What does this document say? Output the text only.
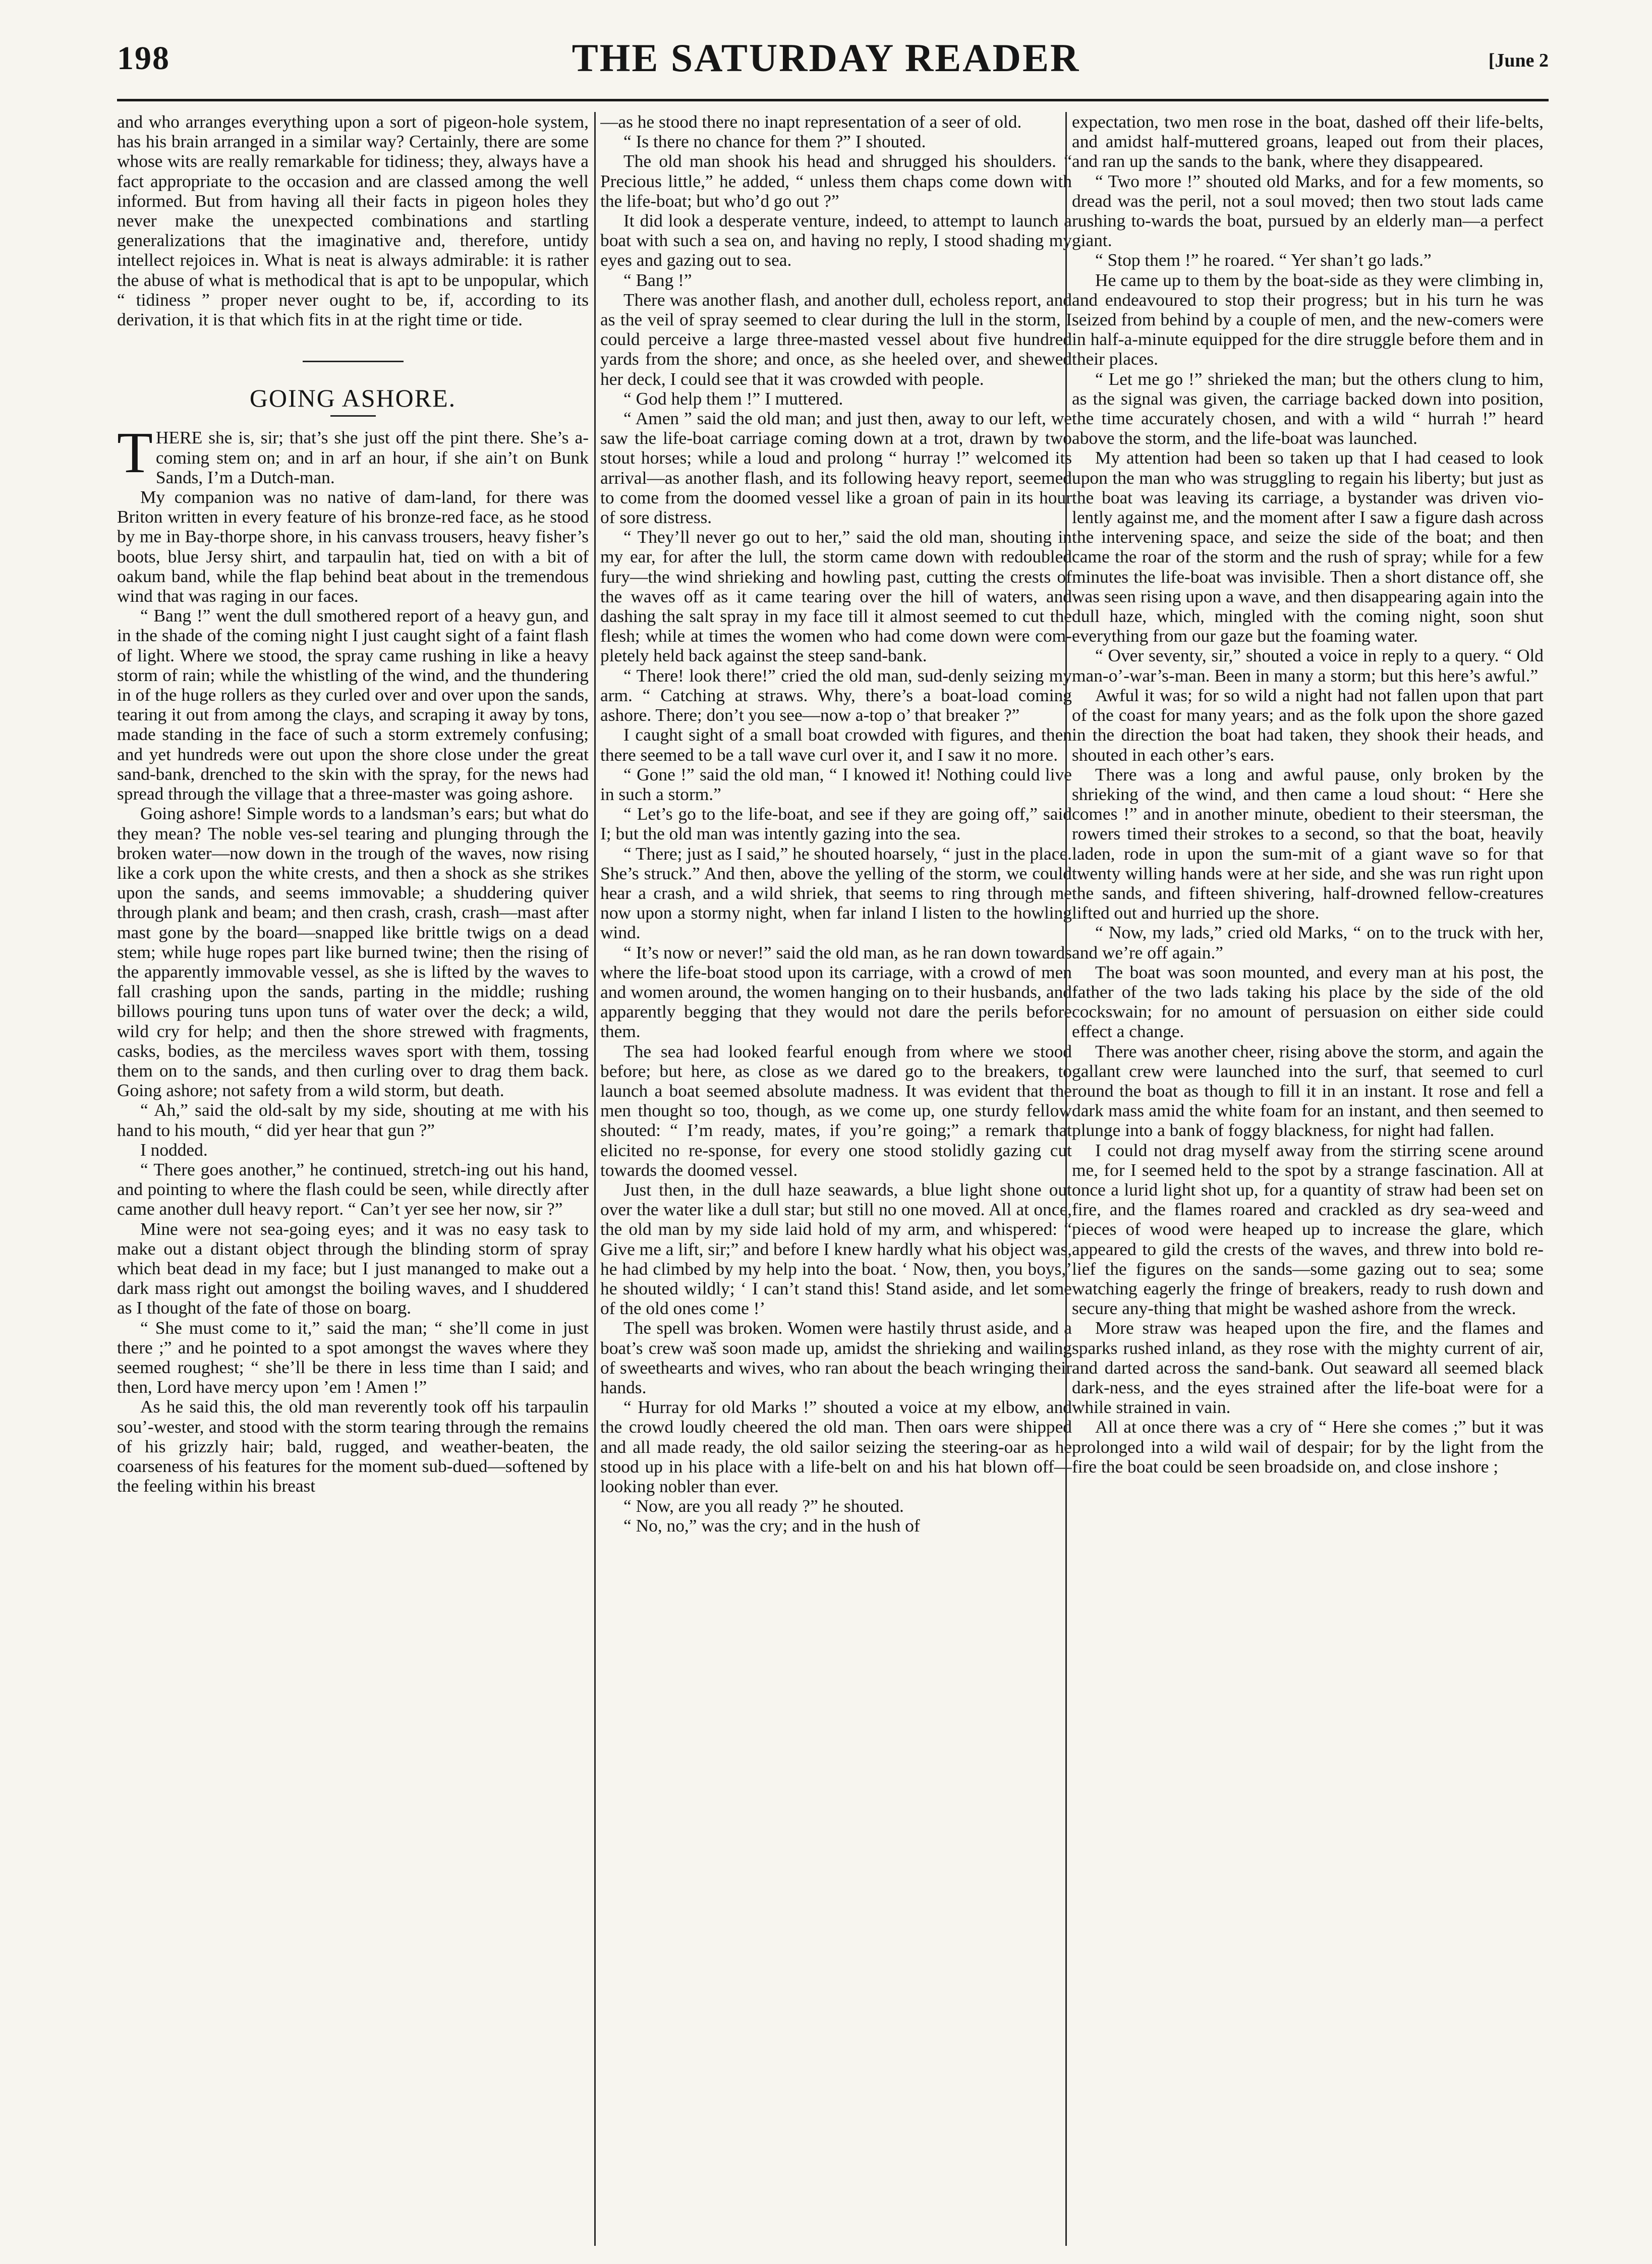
198	THE SATURDAY READER	[June 2

and who arranges everything upon a sort of pigeon-hole system, has his brain arranged in a similar way? Certainly, there are some whose wits are really remarkable for tidiness; they, always have a fact appropriate to the occasion and are classed among the well informed. But from having all their facts in pigeon holes they never make the unexpected combinations and startling generalizations that the imaginative and, therefore, untidy intellect rejoices in. What is neat is always admirable: it is rather the abuse of what is methodical that is apt to be unpopular, which “ tidiness ” proper never ought to be, if, according to its derivation, it is that which fits in at the right time or tide.

GOING ASHORE.

THERE she is, sir; that’s she just off the pint there. She’s a-coming stem on; and in arf an hour, if she ain’t on Bunk Sands, I’m a Dutch-man.

My companion was no native of dam-land, for there was Briton written in every feature of his bronze-red face, as he stood by me in Bay-thorpe shore, in his canvass trousers, heavy fisher’s boots, blue Jersy shirt, and tarpaulin hat, tied on with a bit of oakum band, while the flap behind beat about in the tremendous wind that was raging in our faces.

“ Bang !” went the dull smothered report of a heavy gun, and in the shade of the coming night I just caught sight of a faint flash of light. Where we stood, the spray came rushing in like a heavy storm of rain; while the whistling of the wind, and the thundering in of the huge rollers as they curled over and over upon the sands, tearing it out from among the clays, and scraping it away by tons, made standing in the face of such a storm extremely confusing; and yet hundreds were out upon the shore close under the great sand-bank, drenched to the skin with the spray, for the news had spread through the village that a three-master was going ashore.

Going ashore! Simple words to a landsman’s ears; but what do they mean? The noble ves-sel tearing and plunging through the broken water—now down in the trough of the waves, now rising like a cork upon the white crests, and then a shock as she strikes upon the sands, and seems immovable; a shuddering quiver through plank and beam; and then crash, crash, crash—mast after mast gone by the board—snapped like brittle twigs on a dead stem; while huge ropes part like burned twine; then the rising of the apparently immovable vessel, as she is lifted by the waves to fall crashing upon the sands, parting in the middle; rushing billows pouring tuns upon tuns of water over the deck; a wild, wild cry for help; and then the shore strewed with fragments, casks, bodies, as the merciless waves sport with them, tossing them on to the sands, and then curling over to drag them back. Going ashore; not safety from a wild storm, but death.

“ Ah,” said the old-salt by my side, shouting at me with his hand to his mouth, “ did yer hear that gun ?”

I nodded.

“ There goes another,” he continued, stretch-ing out his hand, and pointing to where the flash could be seen, while directly after came another dull heavy report. “ Can’t yer see her now, sir ?”

Mine were not sea-going eyes; and it was no easy task to make out a distant object through the blinding storm of spray which beat dead in my face; but I just mananged to make out a dark mass right out amongst the boiling waves, and I shuddered as I thought of the fate of those on boarg.

“ She must come to it,” said the man; “ she’ll come in just there ;” and he pointed to a spot amongst the waves where they seemed roughest; “ she’ll be there in less time than I said; and then, Lord have mercy upon ’em ! Amen !”

As he said this, the old man reverently took off his tarpaulin sou’-wester, and stood with the storm tearing through the remains of his grizzly hair; bald, rugged, and weather-beaten, the coarseness of his features for the moment sub-dued—softened by the feeling within his breast

—as he stood there no inapt representation of a seer of old.

“ Is there no chance for them ?” I shouted.

The old man shook his head and shrugged his shoulders. “ Precious little,” he added, “ unless them chaps come down with the life-boat; but who’d go out ?”

It did look a desperate venture, indeed, to attempt to launch a boat with such a sea on, and having no reply, I stood shading my eyes and gazing out to sea.

“ Bang !”

There was another flash, and another dull, echoless report, and as the veil of spray seemed to clear during the lull in the storm, I could perceive a large three-masted vessel about five hundred yards from the shore; and once, as she heeled over, and shewed her deck, I could see that it was crowded with people.

“ God help them !” I muttered.

“ Amen ” said the old man; and just then, away to our left, we saw the life-boat carriage coming down at a trot, drawn by two stout horses; while a loud and prolong “ hurray !” welcomed its arrival—as another flash, and its following heavy report, seemed to come from the doomed vessel like a groan of pain in its hour of sore distress.

“ They’ll never go out to her,” said the old man, shouting in my ear, for after the lull, the storm came down with redoubled fury—the wind shrieking and howling past, cutting the crests of the waves off as it came tearing over the hill of waters, and dashing the salt spray in my face till it almost seemed to cut the flesh; while at times the women who had come down were com-pletely held back against the steep sand-bank.

“ There! look there!” cried the old man, sud-denly seizing my arm. “ Catching at straws. Why, there’s a boat-load coming ashore. There; don’t you see—now a-top o’ that breaker ?”

I caught sight of a small boat crowded with figures, and then there seemed to be a tall wave curl over it, and I saw it no more.

“ Gone !” said the old man, “ I knowed it! Nothing could live in such a storm.”

“ Let’s go to the life-boat, and see if they are going off,” said I; but the old man was intently gazing into the sea.

“ There; just as I said,” he shouted hoarsely, “ just in the place. She’s struck.” And then, above the yelling of the storm, we could hear a crash, and a wild shriek, that seems to ring through me now upon a stormy night, when far inland I listen to the howling wind.

“ It’s now or never!” said the old man, as he ran down towards where the life-boat stood upon its carriage, with a crowd of men and women around, the women hanging on to their husbands, and apparently begging that they would not dare the perils before them.

The sea had looked fearful enough from where we stood before; but here, as close as we dared go to the breakers, to launch a boat seemed absolute madness. It was evident that the men thought so too, though, as we come up, one sturdy fellow shouted: “ I’m ready, mates, if you’re going;” a remark that elicited no re-sponse, for every one stood stolidly gazing cut towards the doomed vessel.

Just then, in the dull haze seawards, a blue light shone out over the water like a dull star; but still no one moved. All at once, the old man by my side laid hold of my arm, and whispered: “ Give me a lift, sir;” and before I knew hardly what his object was, he had climbed by my help into the boat. ‘ Now, then, you boys,’ he shouted wildly; ‘ I can’t stand this! Stand aside, and let some of the old ones come !’

The spell was broken. Women were hastily thrust aside, and a boat’s crew waš soon made up, amidst the shrieking and wailing of sweethearts and wives, who ran about the beach wringing their hands.

“ Hurray for old Marks !” shouted a voice at my elbow, and the crowd loudly cheered the old man. Then oars were shipped and all made ready, the old sailor seizing the steering-oar as he stood up in his place with a life-belt on and his hat blown off—looking nobler than ever.

“ Now, are you all ready ?” he shouted.

“ No, no,” was the cry; and in the hush of

expectation, two men rose in the boat, dashed off their life-belts, and amidst half-muttered groans, leaped out from their places, and ran up the sands to the bank, where they disappeared.

“ Two more !” shouted old Marks, and for a few moments, so dread was the peril, not a soul moved; then two stout lads came rushing to-wards the boat, pursued by an elderly man—a perfect giant.

“ Stop them !” he roared. “ Yer shan’t go lads.”

He came up to them by the boat-side as they were climbing in, and endeavoured to stop their progress; but in his turn he was seized from behind by a couple of men, and the new-comers were in half-a-minute equipped for the dire struggle before them and in their places.

“ Let me go !” shrieked the man; but the others clung to him, as the signal was given, the carriage backed down into position, the time accurately chosen, and with a wild “ hurrah !” heard above the storm, and the life-boat was launched.

My attention had been so taken up that I had ceased to look upon the man who was struggling to regain his liberty; but just as the boat was leaving its carriage, a bystander was driven vio-lently against me, and the moment after I saw a figure dash across the intervening space, and seize the side of the boat; and then came the roar of the storm and the rush of spray; while for a few minutes the life-boat was invisible. Then a short distance off, she was seen rising upon a wave, and then disappearing again into the dull haze, which, mingled with the coming night, soon shut everything from our gaze but the foaming water.

“ Over seventy, sir,” shouted a voice in reply to a query. “ Old man-o’-war’s-man. Been in many a storm; but this here’s awful.”

Awful it was; for so wild a night had not fallen upon that part of the coast for many years; and as the folk upon the shore gazed in the direction the boat had taken, they shook their heads, and shouted in each other’s ears.

There was a long and awful pause, only broken by the shrieking of the wind, and then came a loud shout: “ Here she comes !” and in another minute, obedient to their steersman, the rowers timed their strokes to a second, so that the boat, heavily laden, rode in upon the sum-mit of a giant wave so for that twenty willing hands were at her side, and she was run right upon the sands, and fifteen shivering, half-drowned fellow-creatures lifted out and hurried up the shore.

“ Now, my lads,” cried old Marks, “ on to the truck with her, and we’re off again.”

The boat was soon mounted, and every man at his post, the father of the two lads taking his place by the side of the old cockswain; for no amount of persuasion on either side could effect a change.

There was another cheer, rising above the storm, and again the gallant crew were launched into the surf, that seemed to curl round the boat as though to fill it in an instant. It rose and fell a dark mass amid the white foam for an instant, and then seemed to plunge into a bank of foggy blackness, for night had fallen.

I could not drag myself away from the stirring scene around me, for I seemed held to the spot by a strange fascination. All at once a lurid light shot up, for a quantity of straw had been set on fire, and the flames roared and crackled as dry sea-weed and pieces of wood were heaped up to increase the glare, which appeared to gild the crests of the waves, and threw into bold re-lief the figures on the sands—some gazing out to sea; some watching eagerly the fringe of breakers, ready to rush down and secure any-thing that might be washed ashore from the wreck.

More straw was heaped upon the fire, and the flames and sparks rushed inland, as they rose with the mighty current of air, and darted across the sand-bank. Out seaward all seemed black dark-ness, and the eyes strained after the life-boat were for a while strained in vain.

All at once there was a cry of “ Here she comes ;” but it was prolonged into a wild wail of despair; for by the light from the fire the boat could be seen broadside on, and close inshore ;
